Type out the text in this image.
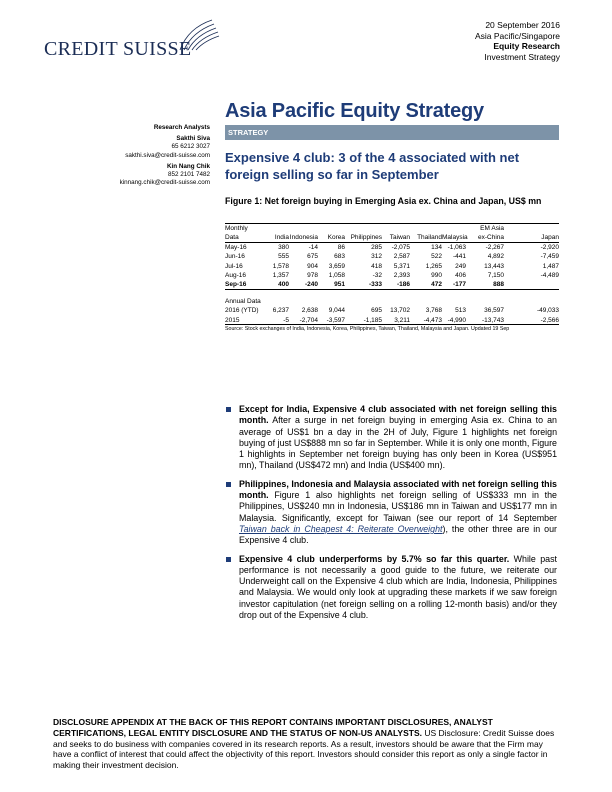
CREDIT SUISSE
20 September 2016
Asia Pacific/Singapore
Equity Research
Investment Strategy
Asia Pacific Equity Strategy
STRATEGY
Research Analysts
Sakthi Siva
65 6212 3027
sakthi.siva@credit-suisse.com
Kin Nang Chik
852 2101 7482
kinnang.chik@credit-suisse.com
Expensive 4 club: 3 of the 4 associated with net foreign selling so far in September
Figure 1: Net foreign buying in Emerging Asia ex. China and Japan, US$ mn
Monthly	EM Asia
Data	India Indonesia	Korea Philippines	Taiwan	Thailand Malaysia	ex-China	Japan
May-16	380	-14	86	285	-2,075	134 -1,063	-2,267	-2,920
Jun-16	555	675	683	312	2,587	522	-441	4,892	-7,459
Jul-16	1,578	904	3,659	418	5,371	1,265	249	13,443	1,487
Aug-16	1,357	978	1,058	-32	2,393	990	406	7,150	-4,489
Sep-16	400	-240	951	-333	-186	472	-177	888
Annual Data
2016 (YTD)	6,237	2,638	9,044	695	13,702	3,768	513	36,597	-49,033
2015	-5	-2,704	-3,597	-1,185	3,211	-4,473 -4,990	-13,743	-2,566
Source: Stock exchanges of India, Indonesia, Korea, Philippines, Taiwan, Thailand, Malaysia and Japan. Updated 19 Sep
Except for India, Expensive 4 club associated with net foreign selling this month. After a surge in net foreign buying in emerging Asia ex. China to an average of US$1 bn a day in the 2H of July, Figure 1 highlights net foreign buying of just US$888 mn so far in September. While it is only one month, Figure 1 highlights in September net foreign buying has only been in Korea (US$951 mn), Thailand (US$472 mn) and India (US$400 mn).
Philippines, Indonesia and Malaysia associated with net foreign selling this month. Figure 1 also highlights net foreign selling of US$333 mn in the Philippines, US$240 mn in Indonesia, US$186 mn in Taiwan and US$177 mn in Malaysia. Significantly, except for Taiwan (see our report of 14 September Taiwan back in Cheapest 4: Reiterate Overweight), the other three are in our Expensive 4 club.
Expensive 4 club underperforms by 5.7% so far this quarter. While past performance is not necessarily a good guide to the future, we reiterate our Underweight call on the Expensive 4 club which are India, Indonesia, Philippines and Malaysia. We would only look at upgrading these markets if we saw foreign investor capitulation (net foreign selling on a rolling 12-month basis) and/or they drop out of the Expensive 4 club.
DISCLOSURE APPENDIX AT THE BACK OF THIS REPORT CONTAINS IMPORTANT DISCLOSURES, ANALYST CERTIFICATIONS, LEGAL ENTITY DISCLOSURE AND THE STATUS OF NON-US ANALYSTS. US Disclosure: Credit Suisse does and seeks to do business with companies covered in its research reports. As a result, investors should be aware that the Firm may have a conflict of interest that could affect the objectivity of this report. Investors should consider this report as only a single factor in making their investment decision.
